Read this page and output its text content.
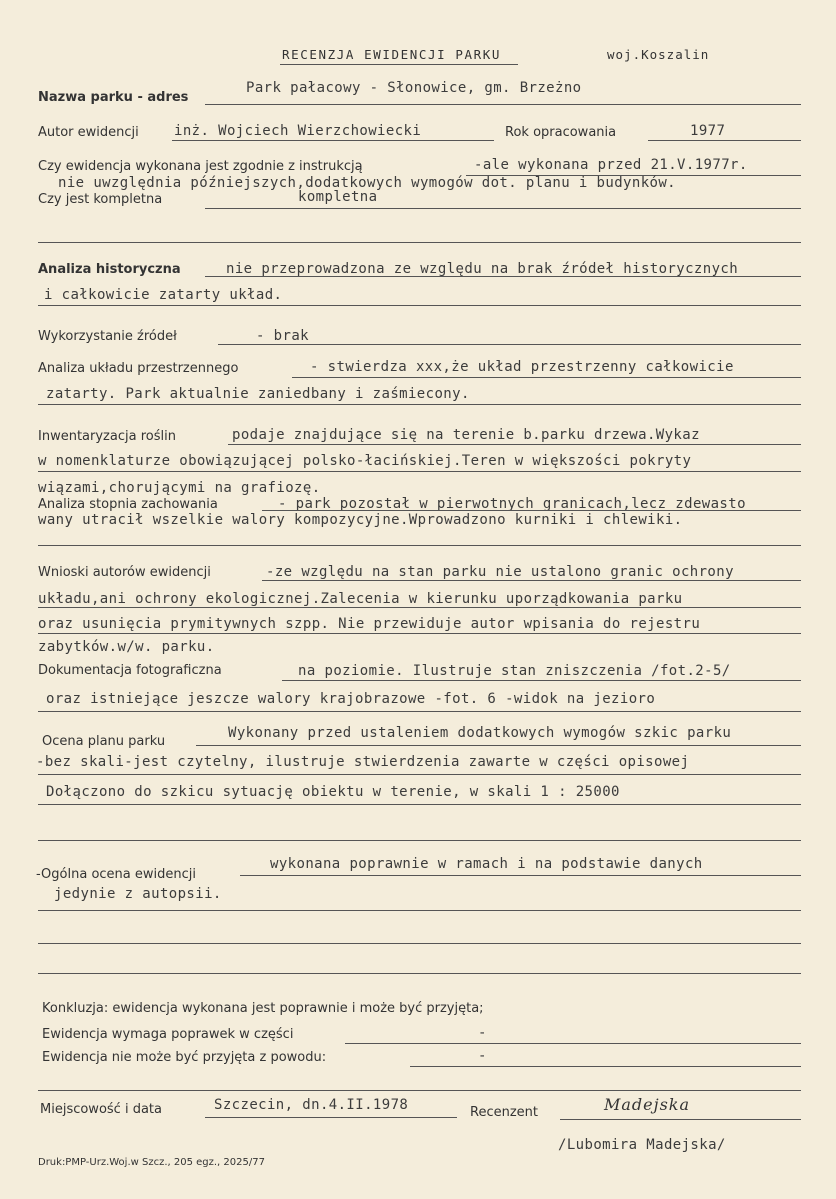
RECENZJA EWIDENCJI PARKU	woj.Koszalin
Nazwa parku - adres
Park pałacowy - Słonowice, gm. Brzeżno
Autor ewidencji	inż. Wojciech Wierzchowiecki	Rok opracowania	1977
Czy ewidencja wykonana jest zgodnie z instrukcją	-ale wykonana przed 21.V.1977r.
nie uwzględnia późniejszych,dodatkowych wymogów dot. planu i budynków.
Czy jest kompletna	kompletna
Analiza historyczna	nie przeprowadzona ze względu na brak źródeł historycznych
i całkowicie zatarty układ.
Wykorzystanie źródeł	- brak
Analiza układu przestrzennego	- stwierdza xxx,że układ przestrzenny całkowicie
zatarty. Park aktualnie zaniedbany i zaśmiecony.
Inwentaryzacja roślin	podaje znajdujące się na terenie b.parku drzewa.Wykaz
w nomenklaturze obowiązującej polsko-łacińskiej.Teren w większości pokryty
wiązami,chorującymi na grafiozę.
Analiza stopnia zachowania	- park pozostał w pierwotnych granicach,lecz zdewasto
wany utracił wszelkie walory kompozycyjne.Wprowadzono kurniki i chlewiki.
Wnioski autorów ewidencji	-ze względu na stan parku nie ustalono granic ochrony
układu,ani ochrony ekologicznej.Zalecenia w kierunku uporządkowania parku
oraz usunięcia prymitywnych szpp. Nie przewiduje autor wpisania do rejestru
zabytków.w/w. parku.
Dokumentacja fotograficzna	na poziomie. Ilustruje stan zniszczenia /fot.2-5/
oraz istniejące jeszcze walory krajobrazowe -fot. 6 -widok na jezioro
Ocena planu parku
Wykonany przed ustaleniem dodatkowych wymogów szkic parku
-bez skali-jest czytelny, ilustruje stwierdzenia zawarte w części opisowej
Dołączono do szkicu sytuację obiektu w terenie, w skali 1 : 25000
-Ogólna ocena ewidencji
wykonana poprawnie w ramach i na podstawie danych
jedynie z autopsii.
Konkluzja: ewidencja wykonana jest poprawnie i może być przyjęta;
Ewidencja wymaga poprawek w części	-
Ewidencja nie może być przyjęta z powodu:	-
Miejscowość i data	Szczecin, dn.4.II.1978	Recenzent	Madejska
/Lubomira Madejska/
Druk:PMP-Urz.Woj.w Szcz., 205 egz., 2025/77
